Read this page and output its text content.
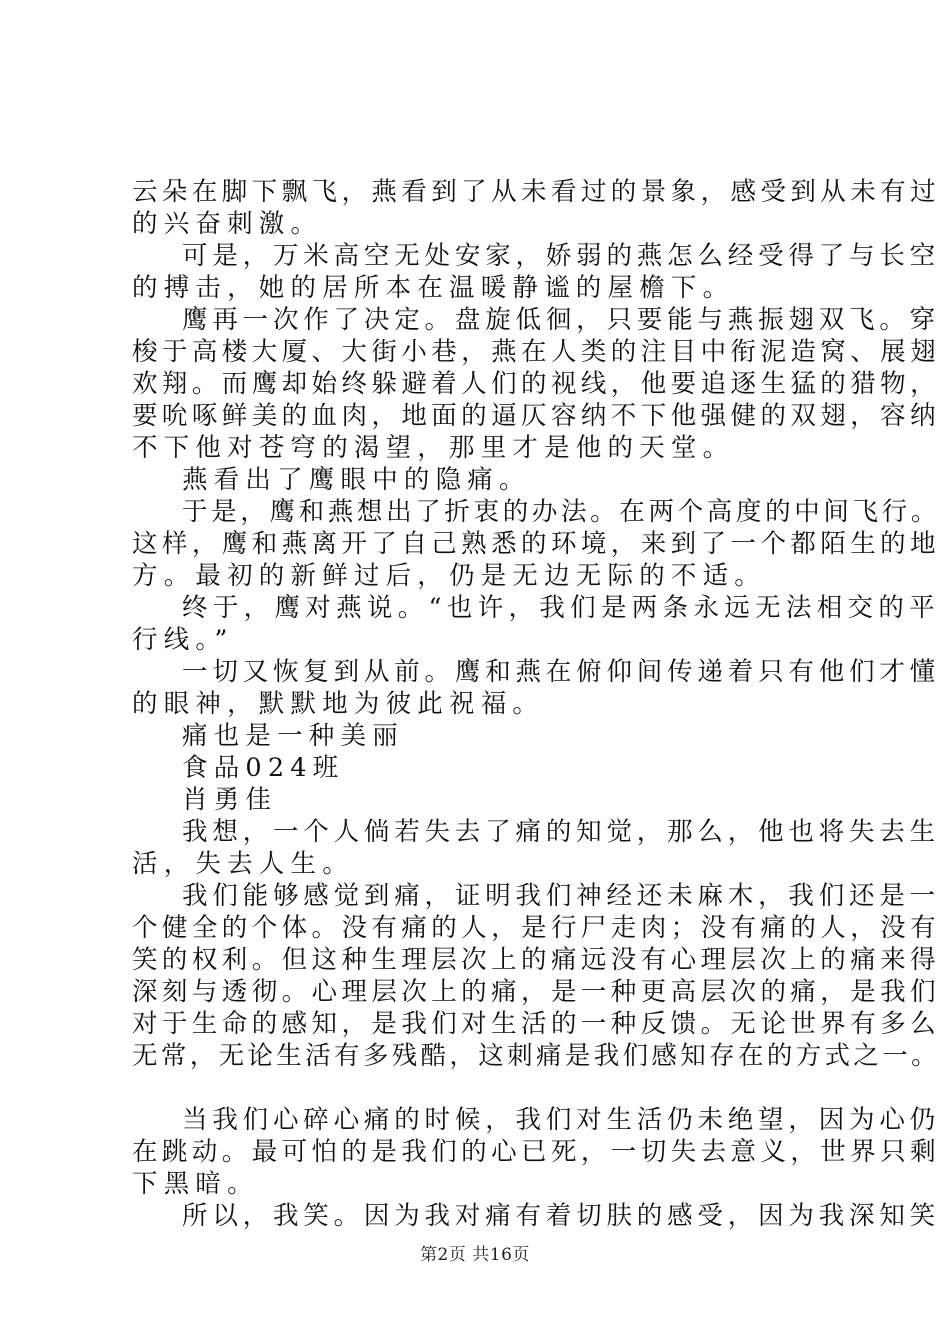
云朵在脚下飘飞，燕看到了从未看过的景象，感受到从未有过
的兴奋刺激。
可是，万米高空无处安家，娇弱的燕怎么经受得了与长空
的搏击，她的居所本在温暖静谧的屋檐下。
鹰再一次作了决定。盘旋低徊，只要能与燕振翅双飞。穿
梭于高楼大厦、大街小巷，燕在人类的注目中衔泥造窝、展翅
欢翔。而鹰却始终躲避着人们的视线，他要追逐生猛的猎物，
要吮啄鲜美的血肉，地面的逼仄容纳不下他强健的双翅，容纳
不下他对苍穹的渴望，那里才是他的天堂。
燕看出了鹰眼中的隐痛。
于是，鹰和燕想出了折衷的办法。在两个高度的中间飞行。
这样，鹰和燕离开了自己熟悉的环境，来到了一个都陌生的地
方。最初的新鲜过后，仍是无边无际的不适。
终于，鹰对燕说。“也许，我们是两条永远无法相交的平
行线。”
一切又恢复到从前。鹰和燕在俯仰间传递着只有他们才懂
的眼神，默默地为彼此祝福。
痛也是一种美丽
食品024班
肖勇佳
我想，一个人倘若失去了痛的知觉，那么，他也将失去生
活，失去人生。
我们能够感觉到痛，证明我们神经还未麻木，我们还是一
个健全的个体。没有痛的人，是行尸走肉；没有痛的人，没有
笑的权利。但这种生理层次上的痛远没有心理层次上的痛来得
深刻与透彻。心理层次上的痛，是一种更高层次的痛，是我们
对于生命的感知，是我们对生活的一种反馈。无论世界有多么
无常，无论生活有多残酷，这刺痛是我们感知存在的方式之一。
当我们心碎心痛的时候，我们对生活仍未绝望，因为心仍
在跳动。最可怕的是我们的心已死，一切失去意义，世界只剩
下黑暗。
所以，我笑。因为我对痛有着切肤的感受，因为我深知笑
第2页 共16页
